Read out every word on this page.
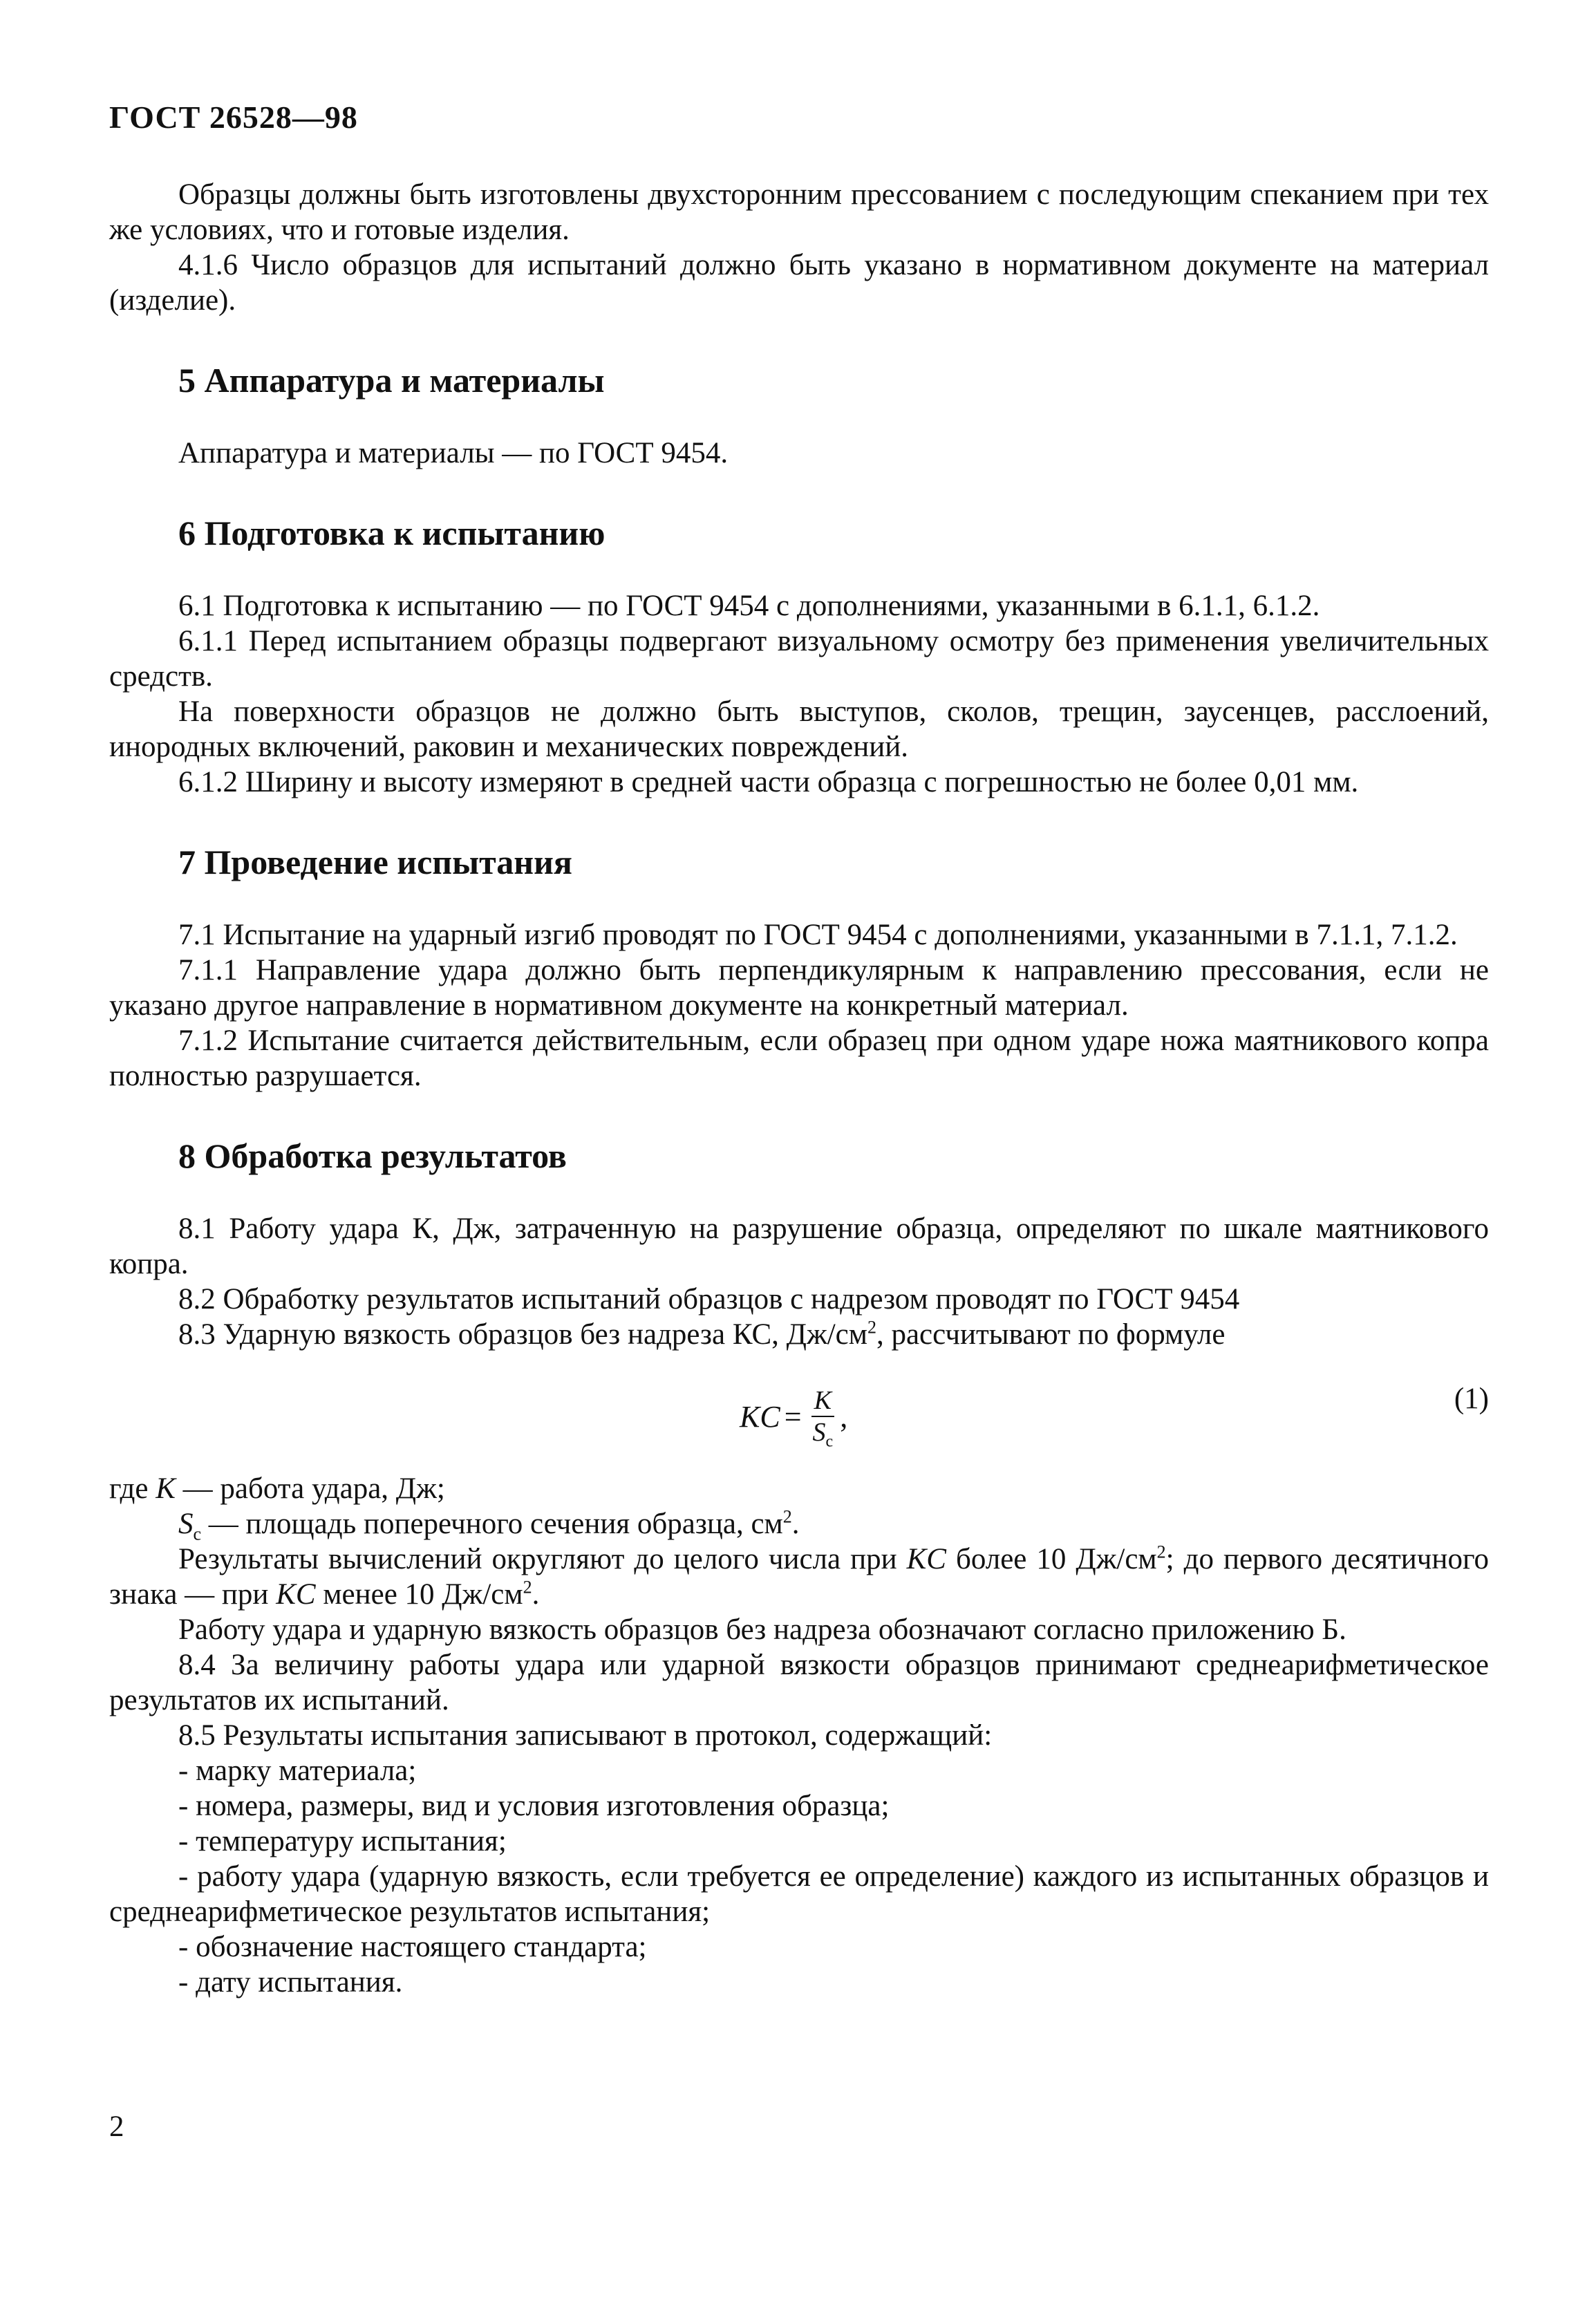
ГОСТ 26528—98

Образцы должны быть изготовлены двухсторонним прессованием с последующим спеканием при тех же условиях, что и готовые изделия.

4.1.6 Число образцов для испытаний должно быть указано в нормативном документе на материал (изделие).

5 Аппаратура и материалы

Аппаратура и материалы — по ГОСТ 9454.

6 Подготовка к испытанию

6.1 Подготовка к испытанию — по ГОСТ 9454 с дополнениями, указанными в 6.1.1, 6.1.2.

6.1.1 Перед испытанием образцы подвергают визуальному осмотру без применения увеличительных средств.

На поверхности образцов не должно быть выступов, сколов, трещин, заусенцев, расслоений, инородных включений, раковин и механических повреждений.

6.1.2 Ширину и высоту измеряют в средней части образца с погрешностью не более 0,01 мм.

7 Проведение испытания

7.1 Испытание на ударный изгиб проводят по ГОСТ 9454 с дополнениями, указанными в 7.1.1, 7.1.2.

7.1.1 Направление удара должно быть перпендикулярным к направлению прессования, если не указано другое направление в нормативном документе на конкретный материал.

7.1.2 Испытание считается действительным, если образец при одном ударе ножа маятникового копра полностью разрушается.

8 Обработка результатов

8.1 Работу удара К, Дж, затраченную на разрушение образца, определяют по шкале маятникового копра.

8.2 Обработку результатов испытаний образцов с надрезом проводят по ГОСТ 9454

8.3 Ударную вязкость образцов без надреза КС, $Дж/см^2$, рассчитывают по формуле

KC = $\frac{K}{S_c}$ ,
(1)

где K — работа удара, Дж;

$S_c$ — площадь поперечного сечения образца, $см^2$.

Результаты вычислений округляют до целого числа при KC более 10 $Дж/см^2$; до первого десятичного знака — при KC менее 10 $Дж/см^2$.

Работу удара и ударную вязкость образцов без надреза обозначают согласно приложению Б.

8.4 За величину работы удара или ударной вязкости образцов принимают среднеарифметическое результатов их испытаний.

8.5 Результаты испытания записывают в протокол, содержащий:

- марку материала;

- номера, размеры, вид и условия изготовления образца;

- температуру испытания;

- работу удара (ударную вязкость, если требуется ее определение) каждого из испытанных образцов и среднеарифметическое результатов испытания;

- обозначение настоящего стандарта;

- дату испытания.

2
